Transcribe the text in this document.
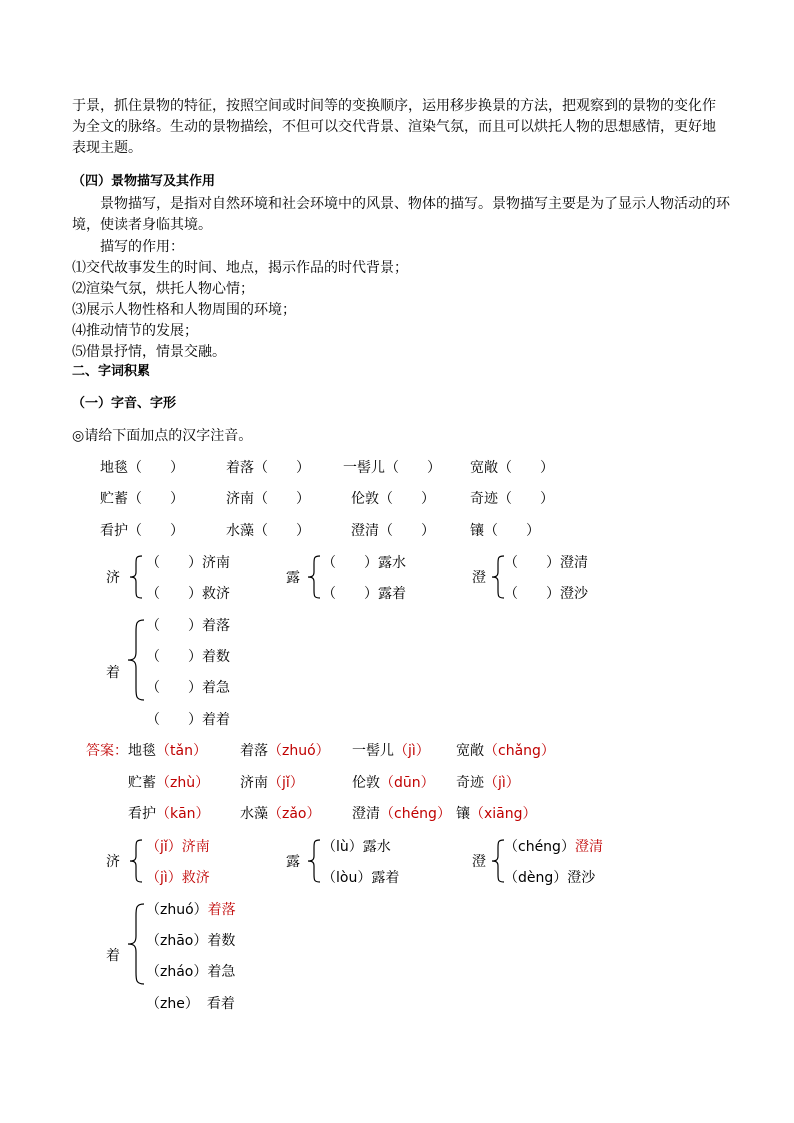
于景，抓住景物的特征，按照空间或时间等的变换顺序，运用移步换景的方法，把观察到的景物的变化作
为全文的脉络。生动的景物描绘，不但可以交代背景、渲染气氛，而且可以烘托人物的思想感情，更好地
表现主题。
（四）景物描写及其作用
景物描写，是指对自然环境和社会环境中的风景、物体的描写。景物描写主要是为了显示人物活动的环
境，使读者身临其境。
描写的作用：
⑴交代故事发生的时间、地点，揭示作品的时代背景；
⑵渲染气氛，烘托人物心情；
⑶展示人物性格和人物周围的环境；
⑷推动情节的发展；
⑸借景抒情，情景交融。
二、字词积累
（一）字音、字形
◎请给下面加点的汉字注音。
地毯（　　）	着落（　　） 一髻儿（　　） 宽敞（　　）
贮蓄（　　）	济南（　　）	伦敦（　　）	奇迹（　　）
看护（　　）	水藻（　　）	澄清（　　）	镶（　　）
济
（　　）济南
（　　）救济
露
（　　）露水
（　　）露着
澄
（　　）澄清
（　　）澄沙
着
（　　）着落
（　　）着数
（　　）着急
（　　）着着
答案： 地毯（tǎn） 着落（zhuó） 一髻儿（jì） 宽敞（chǎng）
贮蓄（zhù） 济南（jǐ）	伦敦（dūn） 奇迹（jì）
看护（kān） 水藻（zǎo） 澄清（chéng） 镶（xiāng）
济
（jǐ）济南
（jì）救济
露
（lù）露水
（lòu）露着
澄
（chéng）澄清
（dèng）澄沙
着
（zhuó）着落
（zhāo）着数
（zháo）着急
（zhe） 看着
